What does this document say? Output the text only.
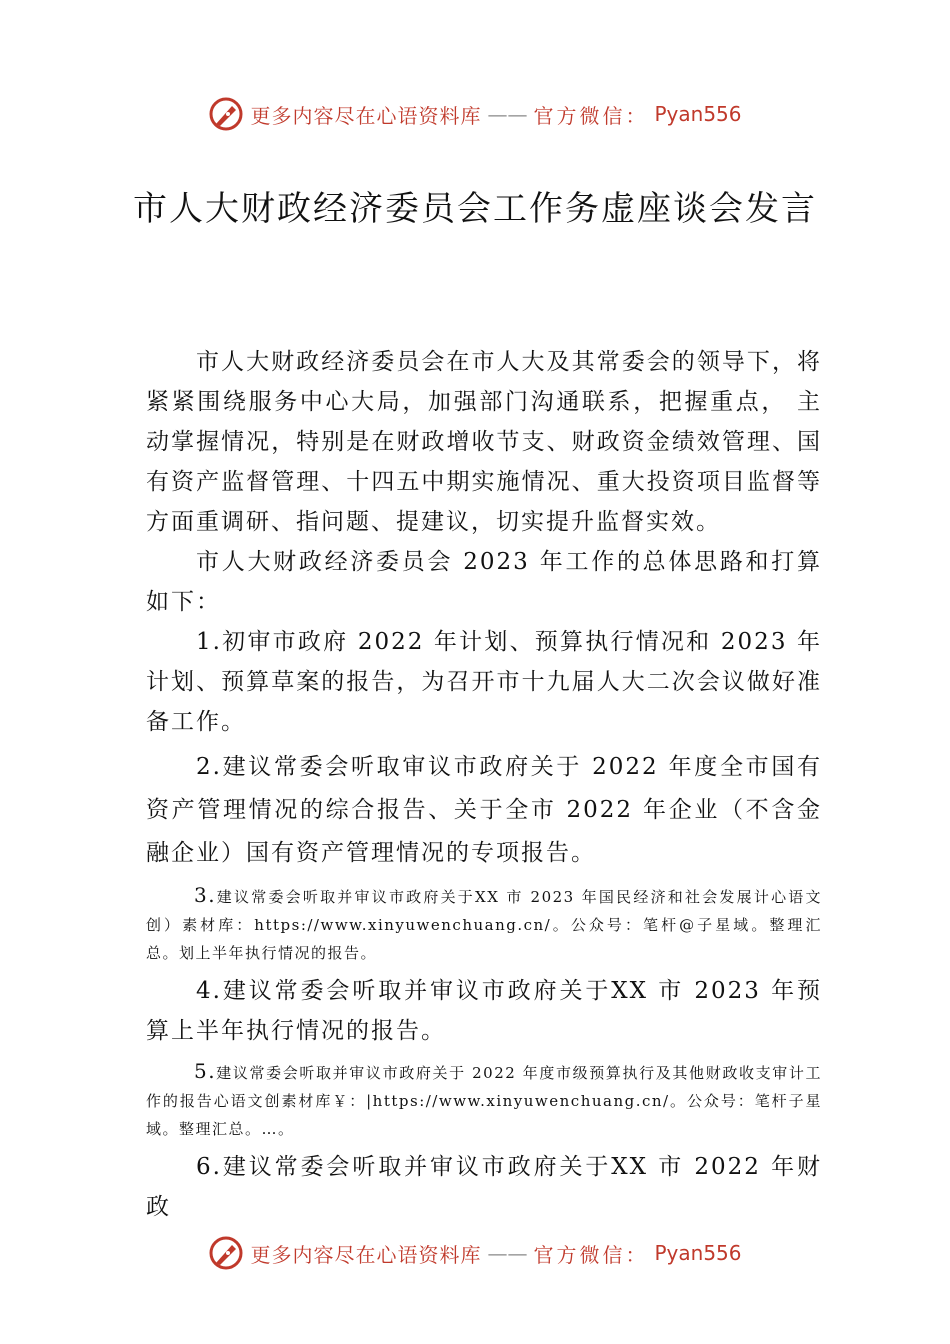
更多内容尽在心语资料库 —— 官方微信： Pyan556
市人大财政经济委员会工作务虚座谈会发言

市人大财政经济委员会在市人大及其常委会的领导下，将紧紧围绕服务中心大局，加强部门沟通联系，把握重点， 主动掌握情况，特别是在财政增收节支、财政资金绩效管理、国有资产监督管理、十四五中期实施情况、重大投资项目监督等方面重调研、指问题、提建议，切实提升监督实效。

市人大财政经济委员会 2023 年工作的总体思路和打算如下：

1.初审市政府 2022 年计划、预算执行情况和 2023 年计划、预算草案的报告，为召开市十九届人大二次会议做好准备工作。

2.建议常委会听取审议市政府关于 2022 年度全市国有资产管理情况的综合报告、关于全市 2022 年企业（不含金融企业）国有资产管理情况的专项报告。

3.建议常委会听取并审议市政府关于XX 市 2023 年国民经济和社会发展计心语文创）素材库：https://www.xinyuwenchuang.cn/。公众号：笔杆@子星域。整理汇总。划上半年执行情况的报告。

4.建议常委会听取并审议市政府关于XX 市 2023 年预算上半年执行情况的报告。

5.建议常委会听取并审议市政府关于 2022 年度市级预算执行及其他财政收支审计工作的报告心语文创素材库￥：|https://www.xinyuwenchuang.cn/。公众号：笔杆子星域。整理汇总。…。

6.建议常委会听取并审议市政府关于XX 市 2022 年财政

更多内容尽在心语资料库 —— 官方微信： Pyan556
